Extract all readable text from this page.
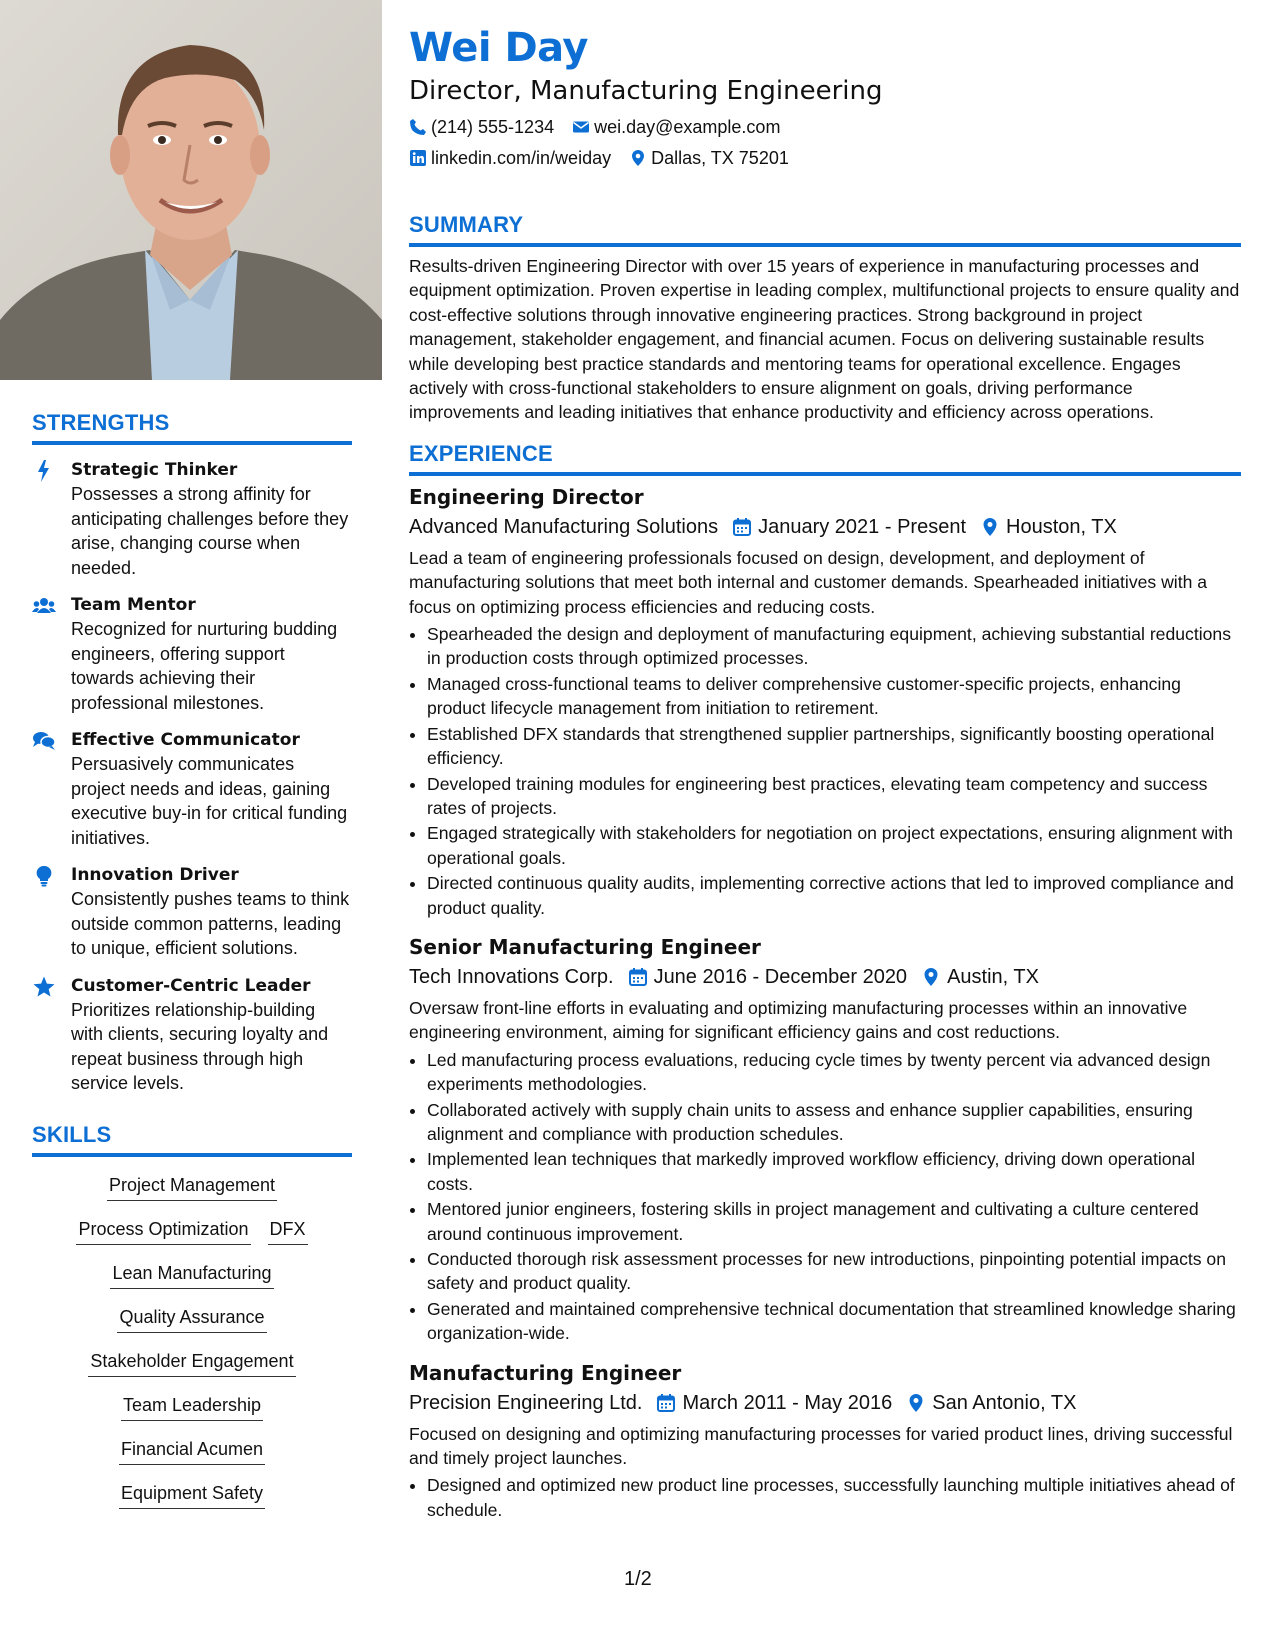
STRENGTHS
Strategic Thinker
Possesses a strong affinity for anticipating challenges before they arise, changing course when needed.
Team Mentor
Recognized for nurturing budding engineers, offering support towards achieving their professional milestones.
Effective Communicator
Persuasively communicates project needs and ideas, gaining executive buy-in for critical funding initiatives.
Innovation Driver
Consistently pushes teams to think outside common patterns, leading to unique, efficient solutions.
Customer-Centric Leader
Prioritizes relationship-building with clients, securing loyalty and repeat business through high service levels.
SKILLS
Project Management
Process Optimization DFX
Lean Manufacturing
Quality Assurance
Stakeholder Engagement
Team Leadership
Financial Acumen
Equipment Safety
Wei Day
Director, Manufacturing Engineering
(214) 555-1234 wei.day@example.com
linkedin.com/in/weiday Dallas, TX 75201
SUMMARY

Results-driven Engineering Director with over 15 years of experience in manufacturing processes and equipment optimization. Proven expertise in leading complex, multifunctional projects to ensure quality and cost-effective solutions through innovative engineering practices. Strong background in project management, stakeholder engagement, and financial acumen. Focus on delivering sustainable results while developing best practice standards and mentoring teams for operational excellence. Engages actively with cross-functional stakeholders to ensure alignment on goals, driving performance improvements and leading initiatives that enhance productivity and efficiency across operations.

EXPERIENCE
Engineering Director
Advanced Manufacturing Solutions January 2021 - Present Houston, TX
Lead a team of engineering professionals focused on design, development, and deployment of manufacturing solutions that meet both internal and customer demands. Spearheaded initiatives with a focus on optimizing process efficiencies and reducing costs.
• Spearheaded the design and deployment of manufacturing equipment, achieving substantial reductions in production costs through optimized processes.
• Managed cross-functional teams to deliver comprehensive customer-specific projects, enhancing product lifecycle management from initiation to retirement.
• Established DFX standards that strengthened supplier partnerships, significantly boosting operational efficiency.
• Developed training modules for engineering best practices, elevating team competency and success rates of projects.
• Engaged strategically with stakeholders for negotiation on project expectations, ensuring alignment with operational goals.
• Directed continuous quality audits, implementing corrective actions that led to improved compliance and product quality.
Senior Manufacturing Engineer
Tech Innovations Corp. June 2016 - December 2020 Austin, TX
Oversaw front-line efforts in evaluating and optimizing manufacturing processes within an innovative engineering environment, aiming for significant efficiency gains and cost reductions.
• Led manufacturing process evaluations, reducing cycle times by twenty percent via advanced design experiments methodologies.
• Collaborated actively with supply chain units to assess and enhance supplier capabilities, ensuring alignment and compliance with production schedules.
• Implemented lean techniques that markedly improved workflow efficiency, driving down operational costs.
• Mentored junior engineers, fostering skills in project management and cultivating a culture centered around continuous improvement.
• Conducted thorough risk assessment processes for new introductions, pinpointing potential impacts on safety and product quality.
• Generated and maintained comprehensive technical documentation that streamlined knowledge sharing organization-wide.
Manufacturing Engineer
Precision Engineering Ltd. March 2011 - May 2016 San Antonio, TX
Focused on designing and optimizing manufacturing processes for varied product lines, driving successful and timely project launches.
• Designed and optimized new product line processes, successfully launching multiple initiatives ahead of schedule.
1/2
